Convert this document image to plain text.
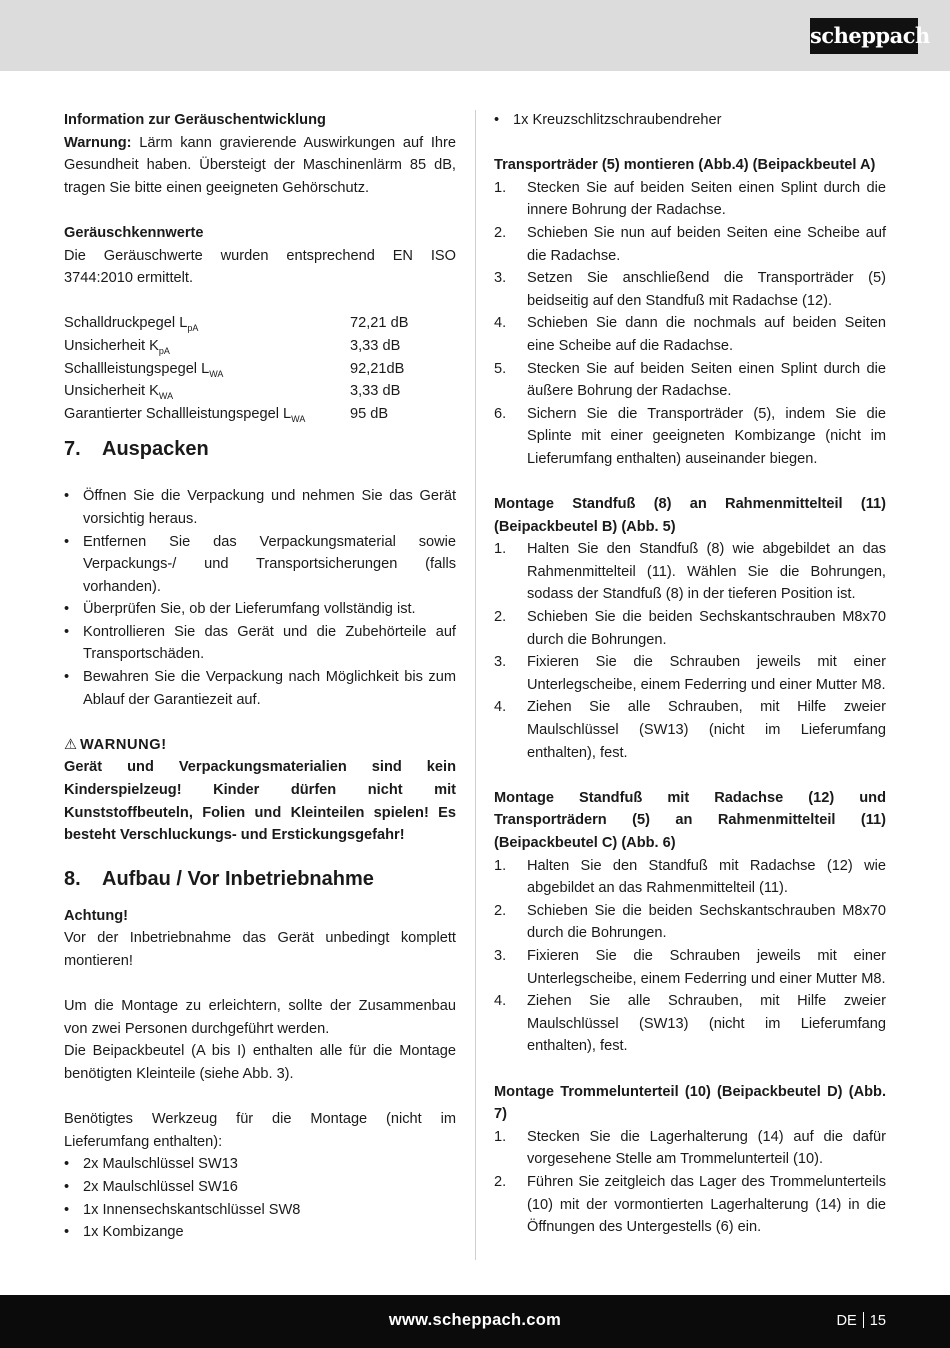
scheppach

Information zur Geräuschentwicklung

Warnung: Lärm kann gravierende Auswirkungen auf Ihre Gesundheit haben. Übersteigt der Maschinenlärm 85 dB, tragen Sie bitte einen geeigneten Gehörschutz.

Geräuschkennwerte

Die Geräuschwerte wurden entsprechend EN ISO 3744:2010 ermittelt.

Schalldruckpegel $L_{pA}$	72,21 dB
Unsicherheit $K_{pA}$	3,33 dB
Schallleistungspegel $L_{WA}$	92,21dB
Unsicherheit $K_{WA}$	3,33 dB
Garantierter Schallleistungspegel $L_{WA}$	95 dB
7. Auspacken
• Öffnen Sie die Verpackung und nehmen Sie das Gerät vorsichtig heraus.
• Entfernen Sie das Verpackungsmaterial sowie Verpackungs-/ und Transportsicherungen (falls vorhanden).
• Überprüfen Sie, ob der Lieferumfang vollständig ist.
• Kontrollieren Sie das Gerät und die Zubehörteile auf Transportschäden.
• Bewahren Sie die Verpackung nach Möglichkeit bis zum Ablauf der Garantiezeit auf.

⚠ WARNUNG!

Gerät und Verpackungsmaterialien sind kein Kinderspielzeug! Kinder dürfen nicht mit Kunststoffbeuteln, Folien und Kleinteilen spielen! Es besteht Verschluckungs- und Erstickungsgefahr!

8. Aufbau / Vor Inbetriebnahme

Achtung!

Vor der Inbetriebnahme das Gerät unbedingt komplett montieren!

Um die Montage zu erleichtern, sollte der Zusammenbau von zwei Personen durchgeführt werden.

Die Beipackbeutel (A bis I) enthalten alle für die Montage benötigten Kleinteile (siehe Abb. 3).

Benötigtes Werkzeug für die Montage (nicht im Lieferumfang enthalten):

• 2x Maulschlüssel SW13
• 2x Maulschlüssel SW16
• 1x Innensechskantschlüssel SW8
• 1x Kombizange
• 1x Kreuzschlitzschraubendreher

Transporträder (5) montieren (Abb.4) (Beipackbeutel A)

1. Stecken Sie auf beiden Seiten einen Splint durch die innere Bohrung der Radachse.
2. Schieben Sie nun auf beiden Seiten eine Scheibe auf die Radachse.
3. Setzen Sie anschließend die Transporträder (5) beidseitig auf den Standfuß mit Radachse (12).
4. Schieben Sie dann die nochmals auf beiden Seiten eine Scheibe auf die Radachse.
5. Stecken Sie auf beiden Seiten einen Splint durch die äußere Bohrung der Radachse.
6. Sichern Sie die Transporträder (5), indem Sie die Splinte mit einer geeigneten Kombizange (nicht im Lieferumfang enthalten) auseinander biegen.

Montage Standfuß (8) an Rahmenmittelteil (11) (Beipackbeutel B) (Abb. 5)

1. Halten Sie den Standfuß (8) wie abgebildet an das Rahmenmittelteil (11). Wählen Sie die Bohrungen, sodass der Standfuß (8) in der tieferen Position ist.
2. Schieben Sie die beiden Sechskantschrauben M8x70 durch die Bohrungen.
3. Fixieren Sie die Schrauben jeweils mit einer Unterlegscheibe, einem Federring und einer Mutter M8.
4. Ziehen Sie alle Schrauben, mit Hilfe zweier Maulschlüssel (SW13) (nicht im Lieferumfang enthalten), fest.

Montage Standfuß mit Radachse (12) und Transporträdern (5) an Rahmenmittelteil (11) (Beipackbeutel C) (Abb. 6)

1. Halten Sie den Standfuß mit Radachse (12) wie abgebildet an das Rahmenmittelteil (11).
2. Schieben Sie die beiden Sechskantschrauben M8x70 durch die Bohrungen.
3. Fixieren Sie die Schrauben jeweils mit einer Unterlegscheibe, einem Federring und einer Mutter M8.
4. Ziehen Sie alle Schrauben, mit Hilfe zweier Maulschlüssel (SW13) (nicht im Lieferumfang enthalten), fest.

Montage Trommelunterteil (10) (Beipackbeutel D) (Abb. 7)

1. Stecken Sie die Lagerhalterung (14) auf die dafür vorgesehene Stelle am Trommelunterteil (10).
2. Führen Sie zeitgleich das Lager des Trommelunterteils (10) mit der vormontierten Lagerhalterung (14) in die Öffnungen des Untergestells (6) ein.
www.scheppach.com	DE 15
